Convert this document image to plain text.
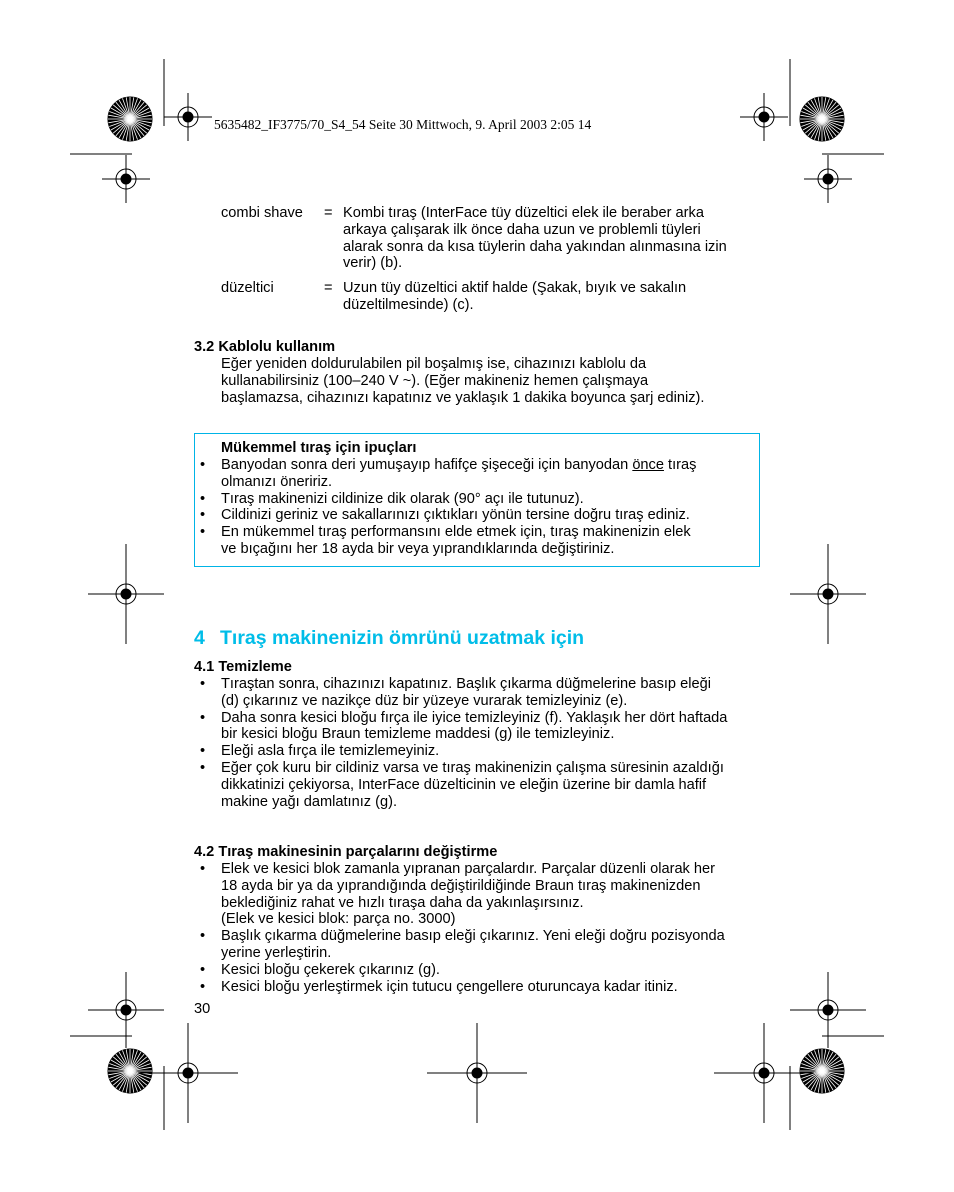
5635482_IF3775/70_S4_54 Seite 30 Mittwoch, 9. April 2003 2:05 14
combi shave	= Kombi tıraş (InterFace tüy düzeltici elek ile beraber arka
arkaya çalışarak ilk önce daha uzun ve problemli tüyleri
alarak sonra da kısa tüylerin daha yakından alınmasına izin
verir) (b).
düzeltici	= Uzun tüy düzeltici aktif halde (Şakak, bıyık ve sakalın
düzeltilmesinde) (c).
3.2 Kablolu kullanım
Eğer yeniden doldurulabilen pil boşalmış ise, cihazınızı kablolu da
kullanabilirsiniz (100–240 V ~). (Eğer makineniz hemen çalışmaya
başlamazsa, cihazınızı kapatınız ve yaklaşık 1 dakika boyunca şarj ediniz).
Mükemmel tıraş için ipuçları
• Banyodan sonra deri yumuşayıp hafifçe şişeceği için banyodan önce tıraş
olmanızı öneririz.
• Tıraş makinenizi cildinize dik olarak (90° açı ile tutunuz).
• Cildinizi geriniz ve sakallarınızı çıktıkları yönün tersine doğru tıraş ediniz.
• En mükemmel tıraş performansını elde etmek için, tıraş makinenizin elek
ve bıçağını her 18 ayda bir veya yıprandıklarında değiştiriniz.
4 Tıraş makinenizin ömrünü uzatmak için
4.1 Temizleme
• Tıraştan sonra, cihazınızı kapatınız. Başlık çıkarma düğmelerine basıp eleği
(d) çıkarınız ve nazikçe düz bir yüzeye vurarak temizleyiniz (e).
• Daha sonra kesici bloğu fırça ile iyice temizleyiniz (f). Yaklaşık her dört haftada
bir kesici bloğu Braun temizleme maddesi (g) ile temizleyiniz.
• Eleği asla fırça ile temizlemeyiniz.
• Eğer çok kuru bir cildiniz varsa ve tıraş makinenizin çalışma süresinin azaldığı
dikkatinizi çekiyorsa, InterFace düzelticinin ve eleğin üzerine bir damla hafif
makine yağı damlatınız (g).
4.2 Tıraş makinesinin parçalarını değiştirme
• Elek ve kesici blok zamanla yıpranan parçalardır. Parçalar düzenli olarak her
18 ayda bir ya da yıprandığında değiştirildiğinde Braun tıraş makinenizden
beklediğiniz rahat ve hızlı tıraşa daha da yakınlaşırsınız.
(Elek ve kesici blok: parça no. 3000)
• Başlık çıkarma düğmelerine basıp eleği çıkarınız. Yeni eleği doğru pozisyonda
yerine yerleştirin.
• Kesici bloğu çekerek çıkarınız (g).
• Kesici bloğu yerleştirmek için tutucu çengellere oturuncaya kadar itiniz.
30
